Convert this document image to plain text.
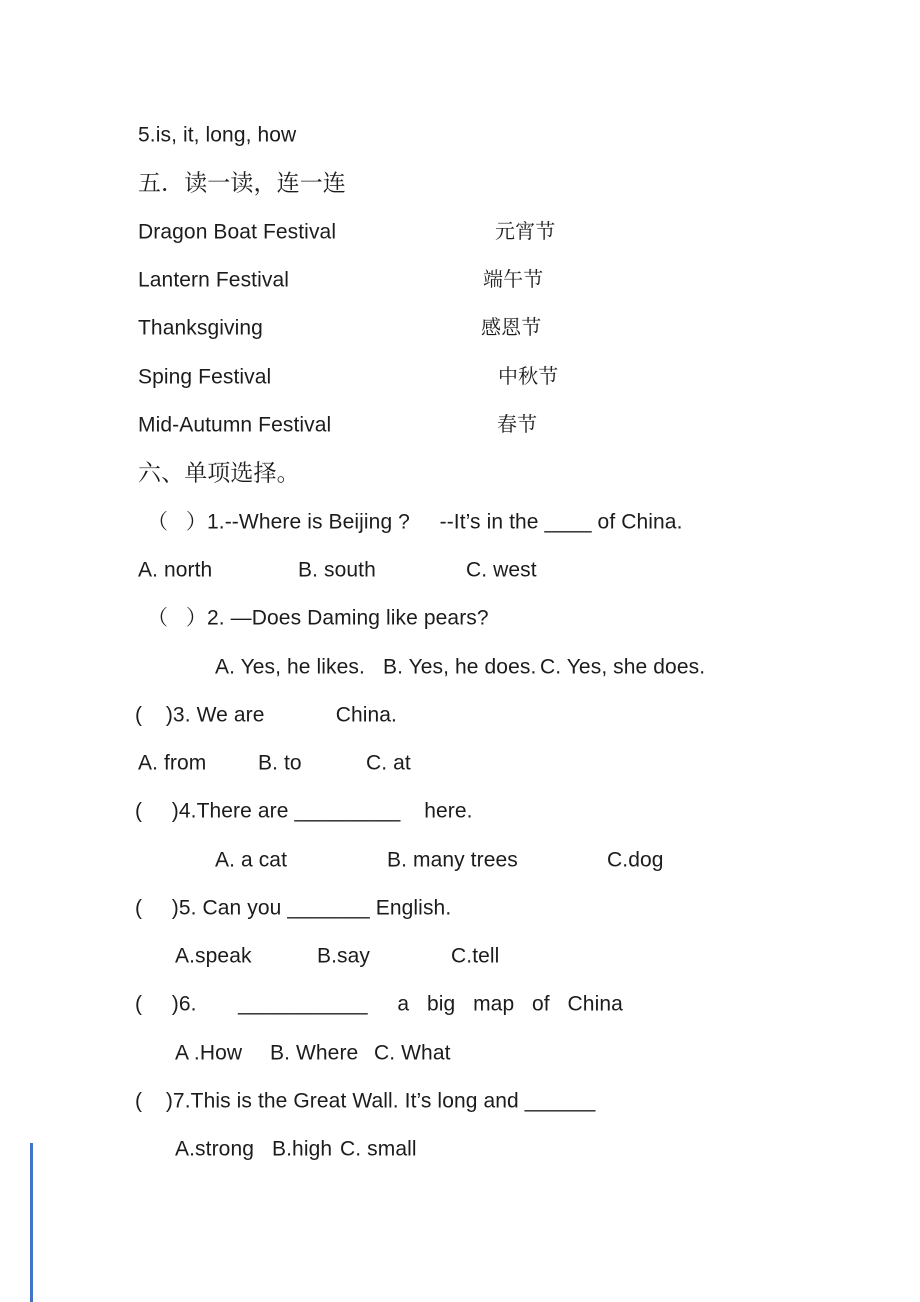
5.is, it, long, how
五．读一读，连一连
Dragon Boat Festival	元宵节
Lantern Festival	端午节
Thanksgiving	感恩节
Sping Festival	中秋节
Mid-Autumn Festival	春节
六、单项选择。
（   ）1.--Where is Beijing ?     --It’s in the ____ of China.
A. north	B. south	C. west
（   ）2. —Does Daming like pears?
A. Yes, he likes. B. Yes, he does. C. Yes, she does.
(    )3. We are            China.
A. from B. to	C. at
(     )4.There are _________    here.
A. a cat	B. many trees	C.dog
(     )5. Can you _______ English.
A.speak	B.say	C.tell
(     )6.       ___________     a   big   map   of   China
A .How B. Where C. What
(    )7.This is the Great Wall. It’s long and ______
A.strong B.high C. small
